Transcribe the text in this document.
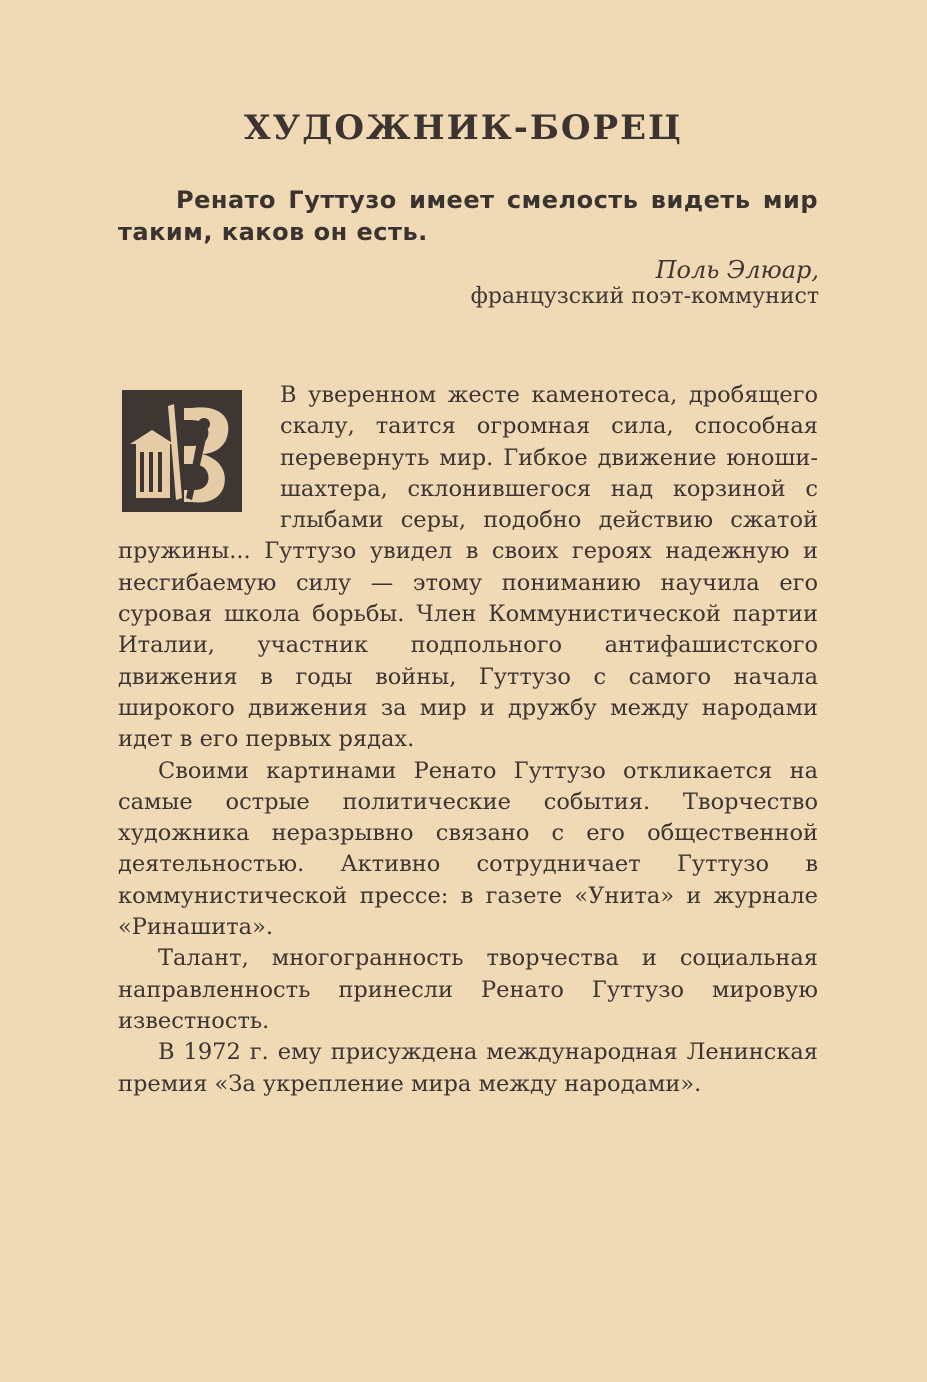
ХУДОЖНИК-БОРЕЦ

Ренато Гуттузо имеет смелость видеть мир таким, каков он есть.

Поль Элюар,

французский поэт-коммунист

В уверенном жесте каменотеса, дробящего скалу, таится огромная сила, способная перевернуть мир. Гибкое движение юноши-шахтера, склонившегося над корзиной с глыбами серы, подобно действию сжатой пружины... Гуттузо увидел в своих героях надежную и несгибаемую силу — этому пониманию научила его суровая школа борьбы. Член Коммунистической партии Италии, участник подпольного антифашистского движения в годы войны, Гуттузо с самого начала широкого движения за мир и дружбу между народами идет в его первых рядах.

Своими картинами Ренато Гуттузо откликается на самые острые политические события. Творчество художника неразрывно связано с его общественной деятельностью. Активно сотрудничает Гуттузо в коммунистической прессе: в газете «Унита» и журнале «Ринашита».

Талант, многогранность творчества и социальная направленность принесли Ренато Гуттузо мировую известность.

В 1972 г. ему присуждена международная Ленинская премия «За укрепление мира между народами».
